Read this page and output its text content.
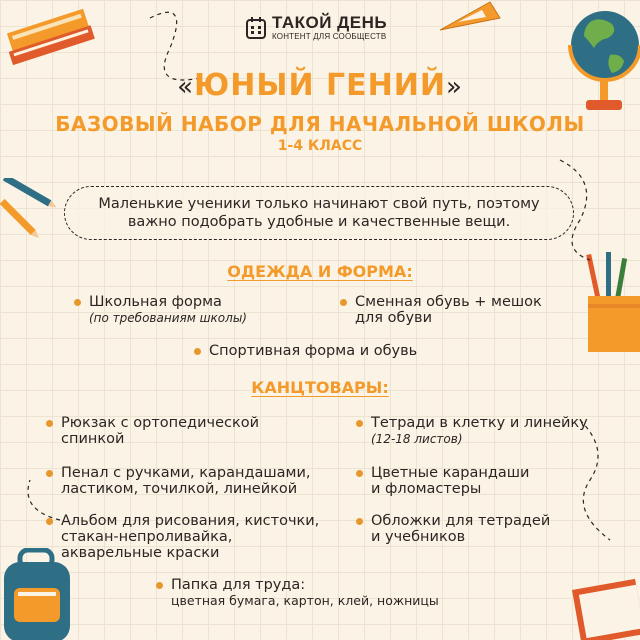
ТАКОЙ ДЕНЬ
КОНТЕНТ ДЛЯ СООБЩЕСТВ
«ЮНЫЙ ГЕНИЙ»
БАЗОВЫЙ НАБОР ДЛЯ НАЧАЛЬНОЙ ШКОЛЫ
1-4 КЛАСС
Маленькие ученики только начинают свой путь, поэтому
важно подобрать удобные и качественные вещи.
ОДЕЖДА И ФОРМА:
Школьная форма
(по требованиям школы)
Сменная обувь + мешок
для обуви
Спортивная форма и обувь
КАНЦТОВАРЫ:
Рюкзак с ортопедической
спинкой
Тетради в клетку и линейку
(12-18 листов)
Пенал с ручками, карандашами,
ластиком, точилкой, линейкой
Цветные карандаши
и фломастеры
Альбом для рисования, кисточки,
стакан-непроливайка,
акварельные краски
Обложки для тетрадей
и учебников
Папка для труда:
цветная бумага, картон, клей, ножницы
